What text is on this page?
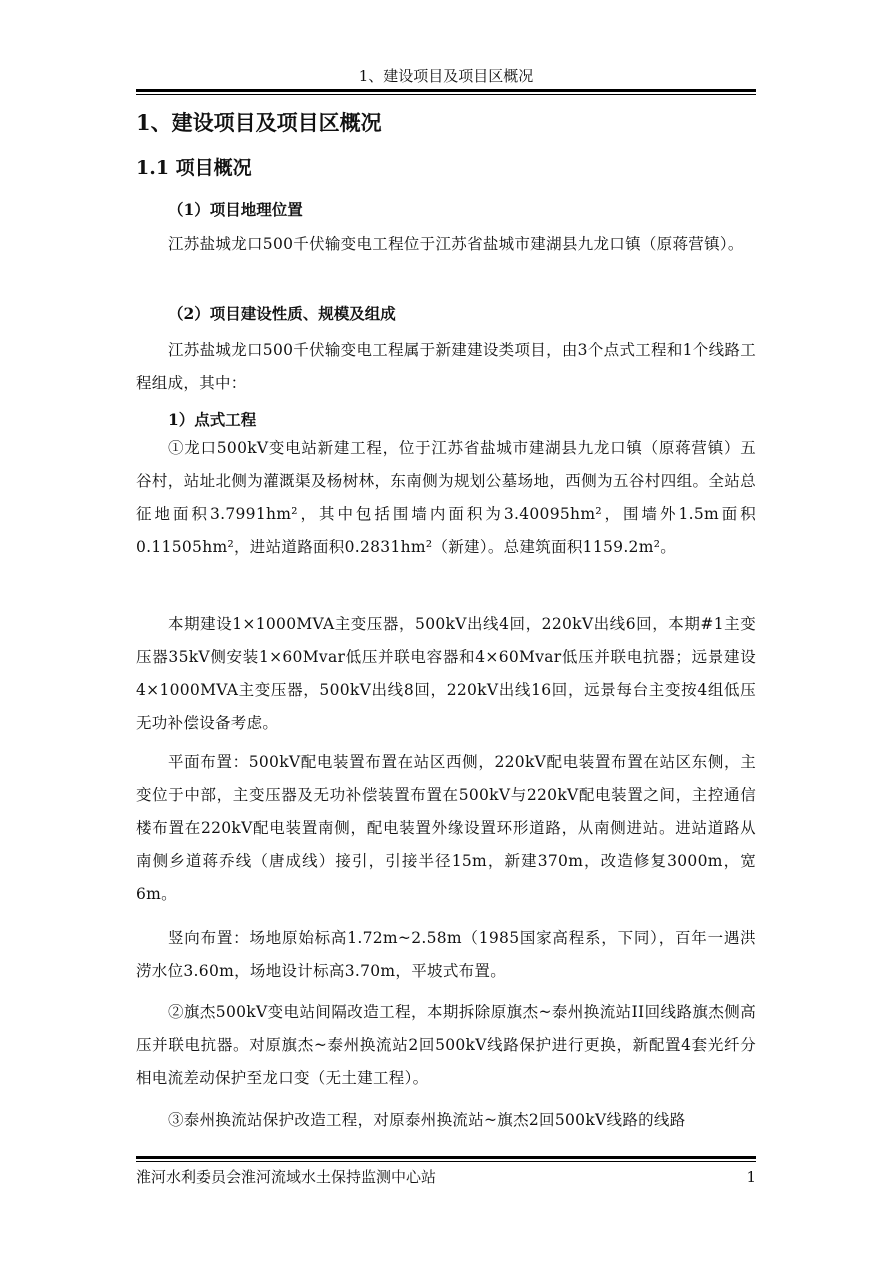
1、建设项目及项目区概况
1、建设项目及项目区概况
1.1 项目概况
（1）项目地理位置
江苏盐城龙口500千伏输变电工程位于江苏省盐城市建湖县九龙口镇（原蒋营镇）。
（2）项目建设性质、规模及组成
江苏盐城龙口500千伏输变电工程属于新建建设类项目，由3个点式工程和1个线路工程组成，其中：
1）点式工程
①龙口500kV变电站新建工程，位于江苏省盐城市建湖县九龙口镇（原蒋营镇）五谷村，站址北侧为灌溉渠及杨树林，东南侧为规划公墓场地，西侧为五谷村四组。全站总征地面积3.7991hm²，其中包括围墙内面积为3.40095hm²，围墙外1.5m面积0.11505hm²，进站道路面积0.2831hm²（新建）。总建筑面积1159.2m²。
本期建设1×1000MVA主变压器，500kV出线4回，220kV出线6回，本期#1主变压器35kV侧安装1×60Mvar低压并联电容器和4×60Mvar低压并联电抗器；远景建设4×1000MVA主变压器，500kV出线8回，220kV出线16回，远景每台主变按4组低压无功补偿设备考虑。
平面布置：500kV配电装置布置在站区西侧，220kV配电装置布置在站区东侧，主变位于中部，主变压器及无功补偿装置布置在500kV与220kV配电装置之间，主控通信楼布置在220kV配电装置南侧，配电装置外缘设置环形道路，从南侧进站。进站道路从南侧乡道蒋乔线（唐成线）接引，引接半径15m，新建370m，改造修复3000m，宽6m。
竖向布置：场地原始标高1.72m~2.58m（1985国家高程系，下同），百年一遇洪涝水位3.60m，场地设计标高3.70m，平坡式布置。
②旗杰500kV变电站间隔改造工程，本期拆除原旗杰~泰州换流站II回线路旗杰侧高压并联电抗器。对原旗杰~泰州换流站2回500kV线路保护进行更换，新配置4套光纤分相电流差动保护至龙口变（无土建工程）。
③泰州换流站保护改造工程，对原泰州换流站~旗杰2回500kV线路的线路
淮河水利委员会淮河流域水土保持监测中心站	1
